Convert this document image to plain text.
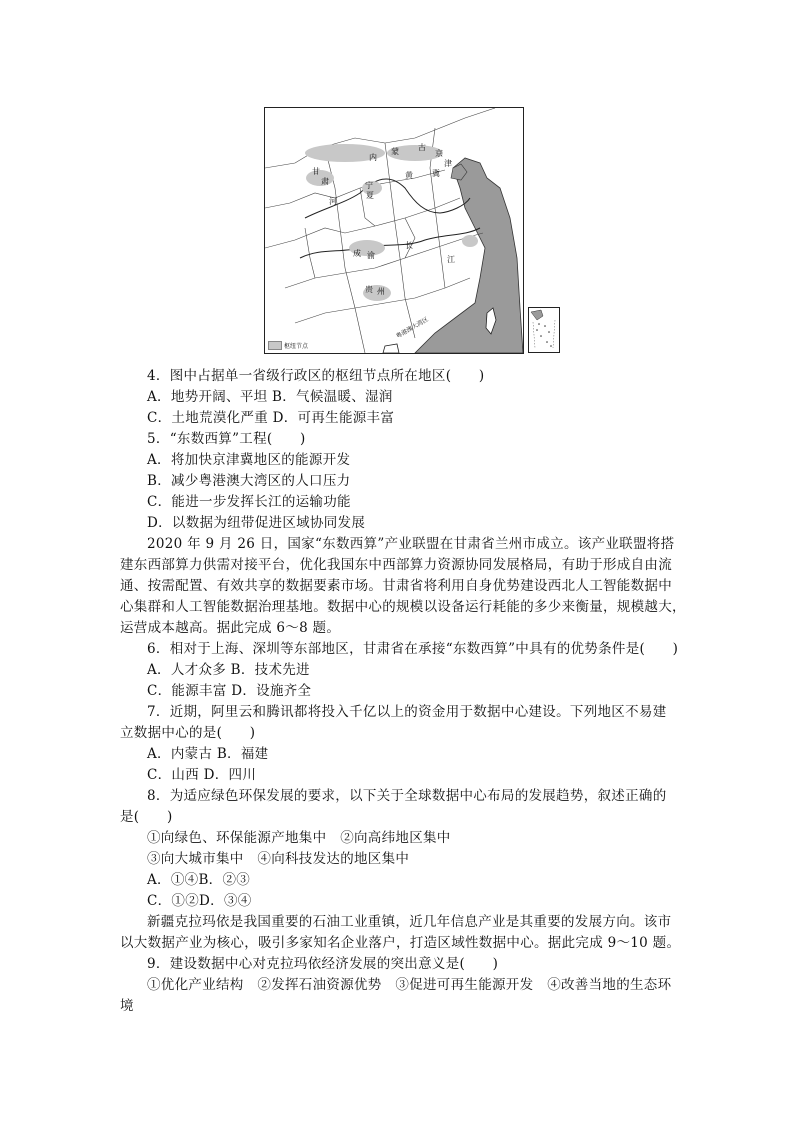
内
蒙 古
京
津
冀
甘
肃
黄
河
宁
夏
长
江
成 渝
贵 州
粤港澳大湾区
枢纽节点
4．图中占据单一省级行政区的枢纽节点所在地区(　　)
A．地势开阔、平坦 B．气候温暖、湿润
C．土地荒漠化严重 D．可再生能源丰富
5．“东数西算”工程(　　)
A．将加快京津冀地区的能源开发
B．减少粤港澳大湾区的人口压力
C．能进一步发挥长江的运输功能
D．以数据为纽带促进区域协同发展
2020 年 9 月 26 日，国家“东数西算”产业联盟在甘肃省兰州市成立。该产业联盟将搭
建东西部算力供需对接平台，优化我国东中西部算力资源协同发展格局，有助于形成自由流
通、按需配置、有效共享的数据要素市场。甘肃省将利用自身优势建设西北人工智能数据中
心集群和人工智能数据治理基地。数据中心的规模以设备运行耗能的多少来衡量，规模越大，
运营成本越高。据此完成 6～8 题。
6．相对于上海、深圳等东部地区，甘肃省在承接“东数西算”中具有的优势条件是(　　)
A．人才众多 B．技术先进
C．能源丰富 D．设施齐全
7．近期，阿里云和腾讯都将投入千亿以上的资金用于数据中心建设。下列地区不易建
立数据中心的是(　　)
A．内蒙古 B．福建
C．山西 D．四川
8．为适应绿色环保发展的要求，以下关于全球数据中心布局的发展趋势，叙述正确的
是(　　)
①向绿色、环保能源产地集中　②向高纬地区集中
③向大城市集中　④向科技发达的地区集中
A．①④B．②③
C．①②D．③④
新疆克拉玛依是我国重要的石油工业重镇，近几年信息产业是其重要的发展方向。该市
以大数据产业为核心，吸引多家知名企业落户，打造区域性数据中心。据此完成 9～10 题。
9．建设数据中心对克拉玛依经济发展的突出意义是(　　)
①优化产业结构　②发挥石油资源优势　③促进可再生能源开发　④改善当地的生态环
境
